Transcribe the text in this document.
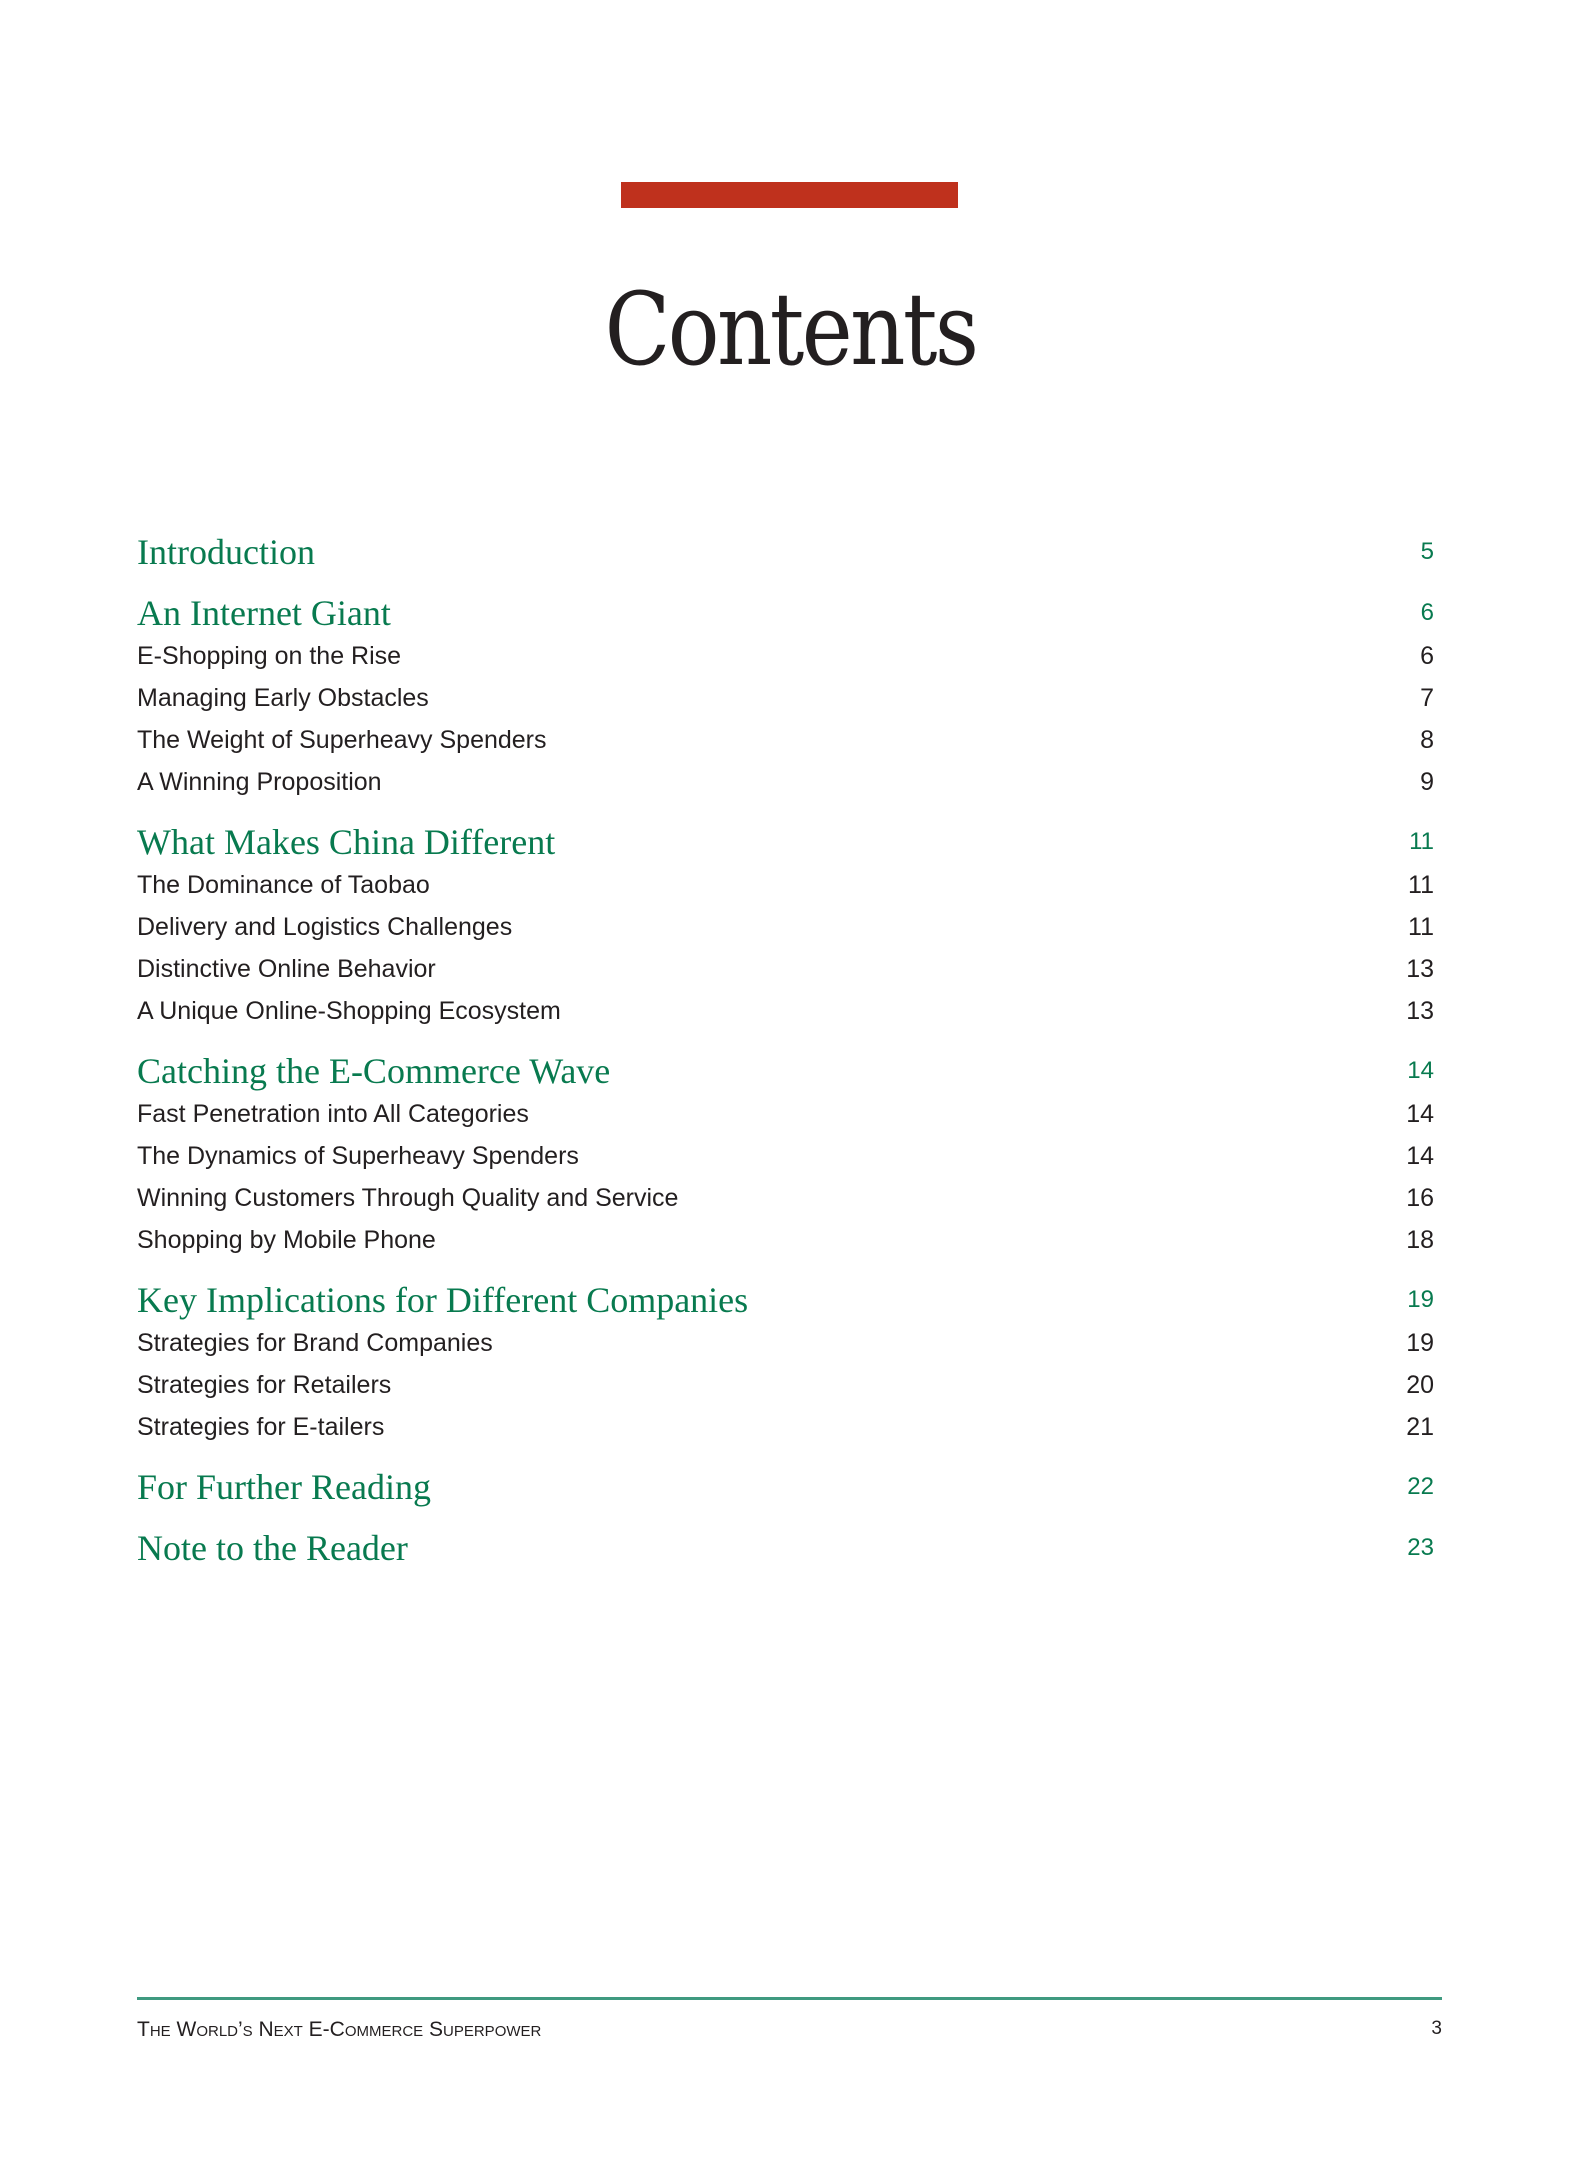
Contents
Introduction	5
An Internet Giant	6
E-Shopping on the Rise	6
Managing Early Obstacles	7
The Weight of Superheavy Spenders	8
A Winning Proposition	9
What Makes China Different	11
The Dominance of Taobao	11
Delivery and Logistics Challenges	11
Distinctive Online Behavior	13
A Unique Online-Shopping Ecosystem	13
Catching the E-Commerce Wave	14
Fast Penetration into All Categories	14
The Dynamics of Superheavy Spenders	14
Winning Customers Through Quality and Service	16
Shopping by Mobile Phone	18
Key Implications for Different Companies	19
Strategies for Brand Companies	19
Strategies for Retailers	20
Strategies for E-tailers	21
For Further Reading	22
Note to the Reader	23
The World’s Next E-Commerce Superpower	3
